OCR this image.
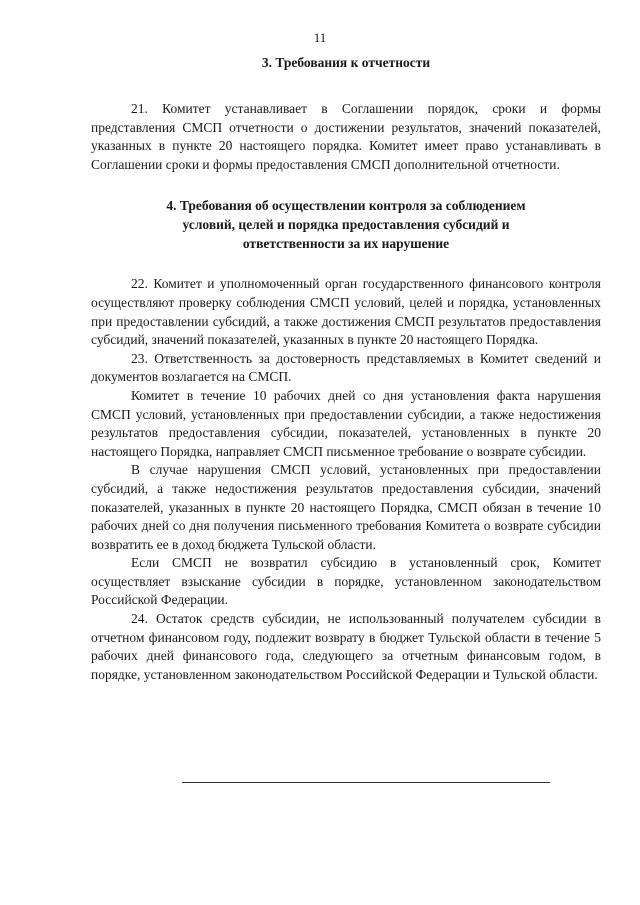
11
3. Требования к отчетности

21. Комитет устанавливает в Соглашении порядок, сроки и формы представления СМСП отчетности о достижении результатов, значений показателей, указанных в пункте 20 настоящего порядка. Комитет имеет право устанавливать в Соглашении сроки и формы предоставления СМСП дополнительной отчетности.

4. Требования об осуществлении контроля за соблюдением
условий, целей и порядка предоставления субсидий и
ответственности за их нарушение

22. Комитет и уполномоченный орган государственного финансового контроля осуществляют проверку соблюдения СМСП условий, целей и порядка, установленных при предоставлении субсидий, а также достижения СМСП результатов предоставления субсидий, значений показателей, указанных в пункте 20 настоящего Порядка.

23. Ответственность за достоверность представляемых в Комитет сведений и документов возлагается на СМСП.

Комитет в течение 10 рабочих дней со дня установления факта нарушения СМСП условий, установленных при предоставлении субсидии, а также недостижения результатов предоставления субсидии, показателей, установленных в пункте 20 настоящего Порядка, направляет СМСП письменное требование о возврате субсидии.

В случае нарушения СМСП условий, установленных при предоставлении субсидий, а также недостижения результатов предоставления субсидии, значений показателей, указанных в пункте 20 настоящего Порядка, СМСП обязан в течение 10 рабочих дней со дня получения письменного требования Комитета о возврате субсидии возвратить ее в доход бюджета Тульской области.

Если СМСП не возвратил субсидию в установленный срок, Комитет осуществляет взыскание субсидии в порядке, установленном законодательством Российской Федерации.

24. Остаток средств субсидии, не использованный получателем субсидии в отчетном финансовом году, подлежит возврату в бюджет Тульской области в течение 5 рабочих дней финансового года, следующего за отчетным финансовым годом, в порядке, установленном законодательством Российской Федерации и Тульской области.
